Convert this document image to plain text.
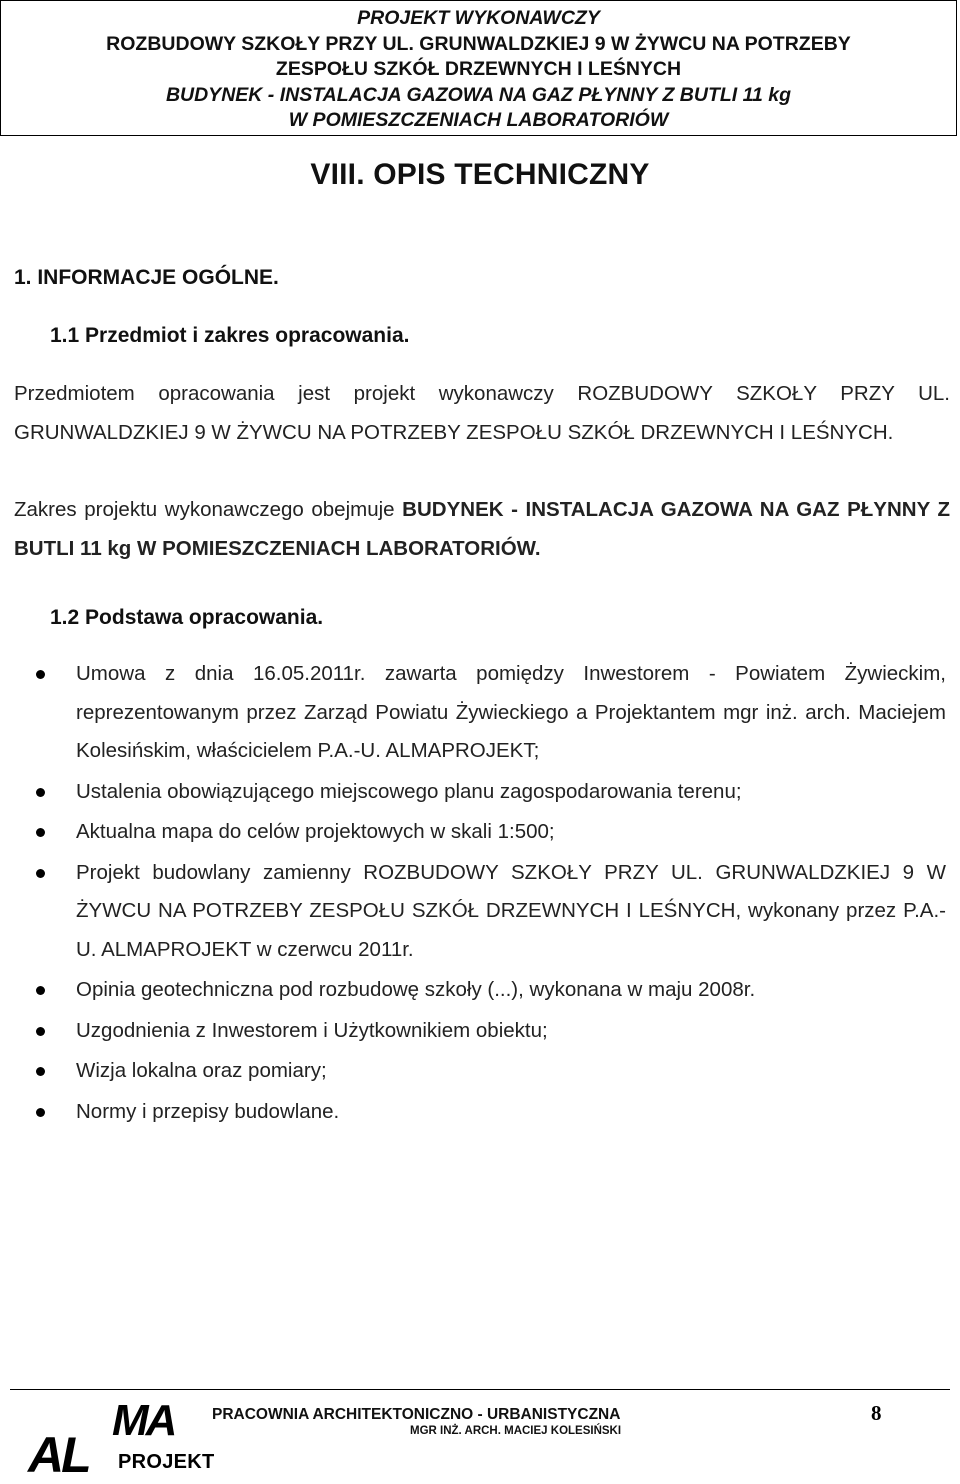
PROJEKT WYKONAWCZY
ROZBUDOWY SZKOŁY PRZY UL. GRUNWALDZKIEJ 9 W ŻYWCU NA POTRZEBY
ZESPOŁU SZKÓŁ DRZEWNYCH I LEŚNYCH
BUDYNEK - INSTALACJA GAZOWA NA GAZ PŁYNNY Z BUTLI 11 kg
W POMIESZCZENIACH LABORATORIÓW
VIII. OPIS TECHNICZNY
1. INFORMACJE OGÓLNE.
1.1 Przedmiot i zakres opracowania.
Przedmiotem opracowania jest projekt wykonawczy ROZBUDOWY SZKOŁY PRZY UL. GRUNWALDZKIEJ 9 W ŻYWCU NA POTRZEBY ZESPOŁU SZKÓŁ DRZEWNYCH I LEŚNYCH.
Zakres projektu wykonawczego obejmuje BUDYNEK - INSTALACJA GAZOWA NA GAZ PŁYNNY Z BUTLI 11 kg W POMIESZCZENIACH LABORATORIÓW.
1.2 Podstawa opracowania.
Umowa z dnia 16.05.2011r. zawarta pomiędzy Inwestorem - Powiatem Żywieckim, reprezentowanym przez Zarząd Powiatu Żywieckiego a Projektantem mgr inż. arch. Maciejem Kolesińskim, właścicielem P.A.-U. ALMAPROJEKT;
Ustalenia obowiązującego miejscowego planu zagospodarowania terenu;
Aktualna mapa do celów projektowych w skali 1:500;
Projekt budowlany zamienny ROZBUDOWY SZKOŁY PRZY UL. GRUNWALDZKIEJ 9 W ŻYWCU NA POTRZEBY ZESPOŁU SZKÓŁ DRZEWNYCH I LEŚNYCH, wykonany przez P.A.-U. ALMAPROJEKT w czerwcu 2011r.
Opinia geotechniczna pod rozbudowę szkoły (...), wykonana w maju 2008r.
Uzgodnienia z Inwestorem i Użytkownikiem obiektu;
Wizja lokalna oraz pomiary;
Normy i przepisy budowlane.
MA
AL PROJEKT
PRACOWNIA ARCHITEKTONICZNO - URBANISTYCZNA
MGR INŻ. ARCH. MACIEJ KOLESIŃSKI
8
